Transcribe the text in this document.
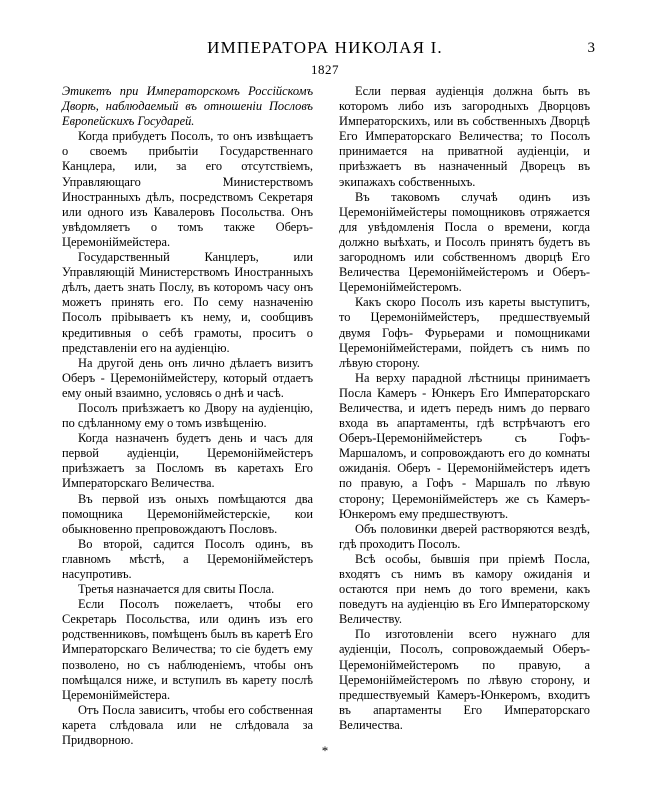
ИМПЕРАТОРА НИКОЛАЯ I.	3
1827

Этикетъ при Императорскомъ Россійскомъ Дворѣ, наблюдаемый въ отношеніи Пословъ Европейскихъ Государей.

Когда прибудетъ Посолъ, то онъ извѣщаетъ о своемъ прибытіи Государственнаго Канцлера, или, за его отсутствіемъ, Управляющаго Министерствомъ Иностранныхъ дѣлъ, посредствомъ Секретаря или одного изъ Кавалеровъ Посольства. Онъ увѣдомляетъ о томъ также Оберъ-Церемоніймейстера.

Государственный Канцлеръ, или Управляющій Министерствомъ Иностранныхъ дѣлъ, даетъ знать Послу, въ которомъ часу онъ можетъ принять его. По сему назначенію Посолъ прibываетъ къ нему, и, сообщивъ кредитивныя о себѣ грамоты, проситъ о представленіи его на аудіенцію.

На другой день онъ лично дѣлаетъ визитъ Оберъ - Церемоніймейстеру, который отдаетъ ему оный взаимно, условясь о днѣ и часѣ.

Посолъ приѣзжаетъ ко Двору на аудіенцію, по сдѣланному ему о томъ извѣщенію.

Когда назначенъ будетъ день и часъ для первой аудіенціи, Церемоніймейстеръ приѣзжаетъ за Посломъ въ каретахъ Его Императорскаго Величества.

Въ первой изъ оныхъ помѣщаются два помощника Церемоніймейстерскіе, кои обыкновенно препровождаютъ Пословъ.

Во второй, садится Посолъ одинъ, въ главномъ мѣстѣ, а Церемоніймейстеръ насупротивъ.

Третья назначается для свиты Посла.

Если Посолъ пожелаетъ, чтобы его Секретарь Посольства, или одинъ изъ его родственниковъ, помѣщенъ былъ въ каретѣ Его Императорскаго Величества; то сіе будетъ ему позволено, но съ наблюденіемъ, чтобы онъ помѣщался ниже, и вступилъ въ карету послѣ Церемоніймейстера.

Отъ Посла зависитъ, чтобы его собственная карета слѣдовала или не слѣдовала за Придворною.

Если первая аудіенція должна быть въ которомъ либо изъ загородныхъ Дворцовъ Императорскихъ, или въ собственныхъ Дворцѣ Его Императорскаго Величества; то Посолъ принимается на приватной аудіенціи, и приѣзжаетъ въ назначенный Дворецъ въ экипажахъ собственныхъ.

Въ таковомъ случаѣ одинъ изъ Церемоніймейстеры помощниковъ отряжается для увѣдомленія Посла о времени, когда должно выѣхать, и Посолъ принятъ будетъ въ загородномъ или собственномъ дворцѣ Его Величества Церемоніймейстеромъ и Оберъ-Церемоніймейстеромъ.

Какъ скоро Посолъ изъ кареты выступитъ, то Церемоніймейстеръ, предшествуемый двумя Гофъ- Фурьерами и помощниками Церемоніймейстерами, пойдетъ съ нимъ по лѣвую сторону.

На верху парадной лѣстницы принимаетъ Посла Камеръ - Юнкеръ Его Императорскаго Величества, и идетъ передъ нимъ до перваго входа въ апартаменты, гдѣ встрѣчаютъ его Оберъ-Церемоніймейстеръ съ Гофъ-Маршаломъ, и сопровождаютъ его до комнаты ожиданія. Оберъ - Церемоніймейстеръ идетъ по правую, а Гофъ - Маршалъ по лѣвую сторону; Церемоніймейстеръ же съ Камеръ-Юнкеромъ ему предшествуютъ.

Объ половинки дверей растворяются вездѣ, гдѣ проходитъ Посолъ.

Всѣ особы, бывшія при пріемѣ Посла, входятъ съ нимъ въ камору ожиданія и остаются при немъ до того времени, какъ поведутъ на аудіенцію въ Его Императорскому Величеству.

По изготовленіи всего нужнаго для аудіенціи, Посолъ, сопровождаемый Оберъ-Церемоніймейстеромъ по правую, а Церемоніймейстеромъ по лѣвую сторону, и предшествуемый Камеръ-Юнкеромъ, входитъ въ апартаменты Его Императорскаго Величества.

*
